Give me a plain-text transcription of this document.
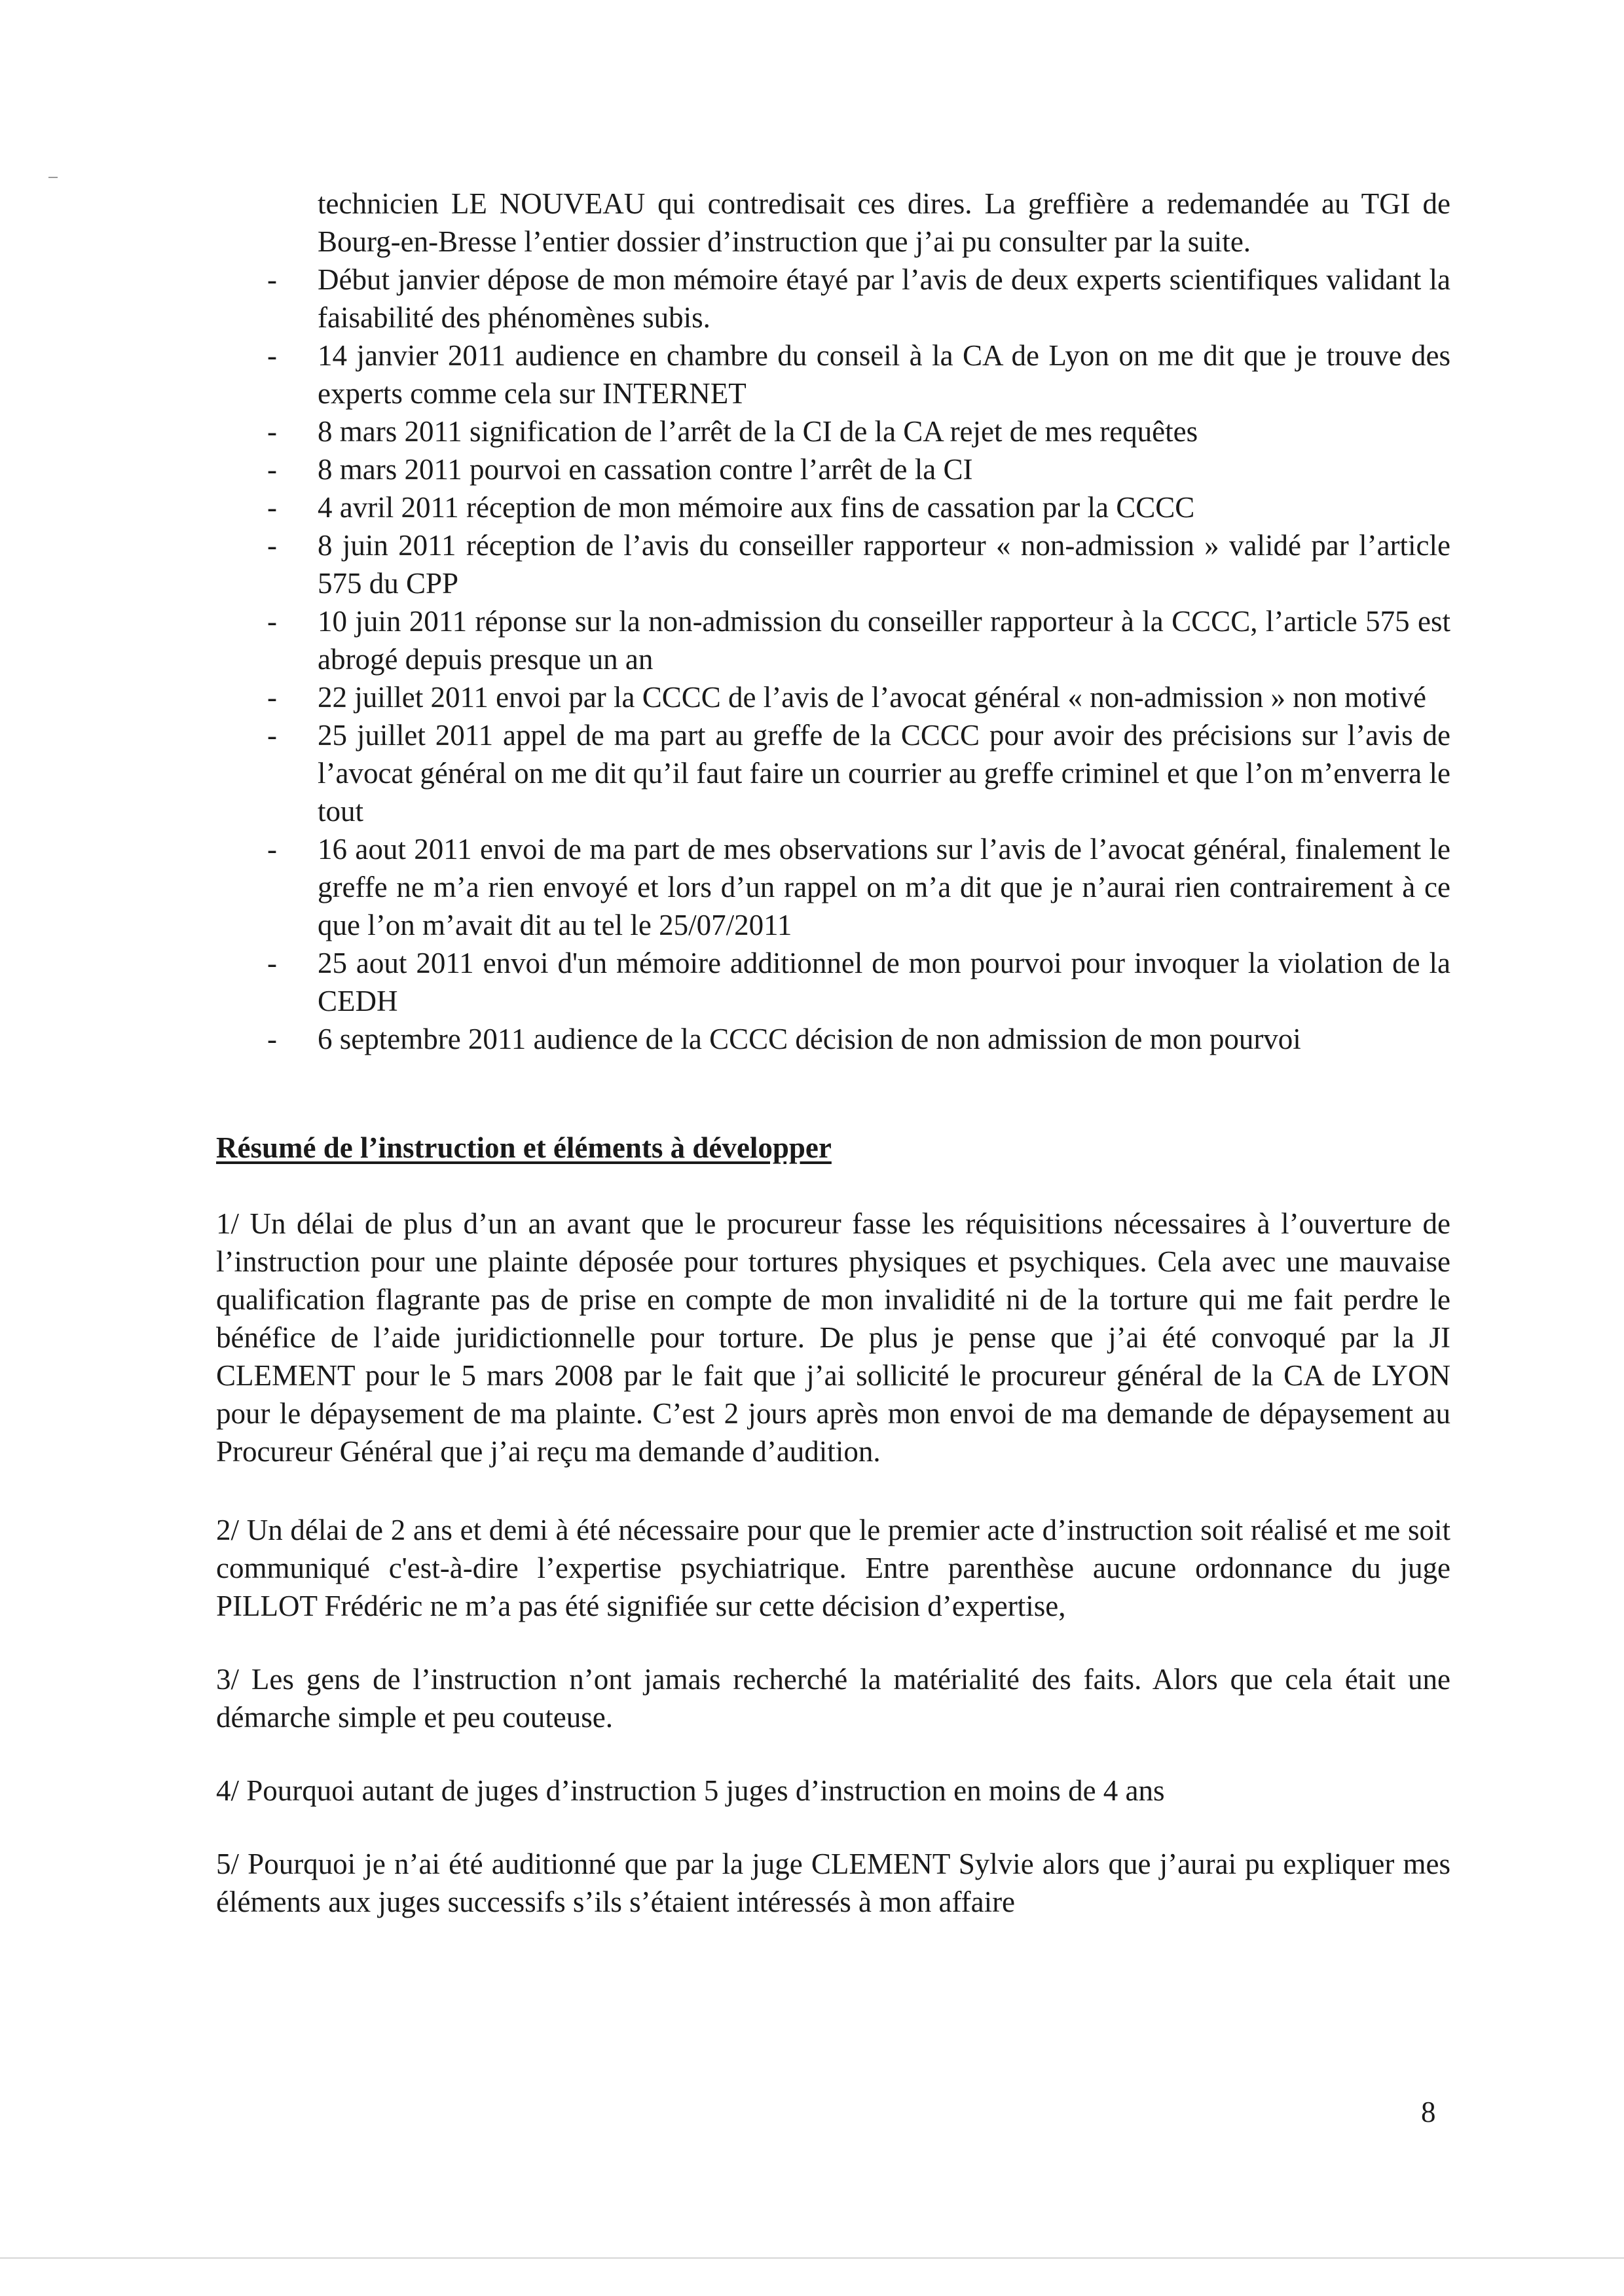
technicien LE NOUVEAU qui contredisait ces dires. La greffière a redemandée au TGI de Bourg-en-Bresse l’entier dossier d’instruction que j’ai pu consulter par la suite.

- Début janvier dépose de mon mémoire étayé par l’avis de deux experts scientifiques validant la faisabilité des phénomènes subis.
- 14 janvier 2011 audience en chambre du conseil à la CA de Lyon on me dit que je trouve des experts comme cela sur INTERNET
- 8 mars 2011 signification de l’arrêt de la CI de la CA rejet de mes requêtes
- 8 mars 2011 pourvoi en cassation contre l’arrêt de la CI
- 4 avril 2011 réception de mon mémoire aux fins de cassation par la CCCC
- 8 juin 2011 réception de l’avis du conseiller rapporteur « non-admission » validé par l’article 575 du CPP
- 10 juin 2011 réponse sur la non-admission du conseiller rapporteur à la CCCC, l’article 575 est abrogé depuis presque un an
- 22 juillet 2011 envoi par la CCCC de l’avis de l’avocat général « non-admission » non motivé
- 25 juillet 2011 appel de ma part au greffe de la CCCC pour avoir des précisions sur l’avis de l’avocat général on me dit qu’il faut faire un courrier au greffe criminel et que l’on m’enverra le tout
- 16 aout 2011 envoi de ma part de mes observations sur l’avis de l’avocat général, finalement le greffe ne m’a rien envoyé et lors d’un rappel on m’a dit que je n’aurai rien contrairement à ce que l’on m’avait dit au tel le 25/07/2011
- 25 aout 2011 envoi d'un mémoire additionnel de mon pourvoi pour invoquer la violation de la CEDH
- 6 septembre 2011 audience de la CCCC décision de non admission de mon pourvoi
Résumé de l’instruction et éléments à développer

1/ Un délai de plus d’un an avant que le procureur fasse les réquisitions nécessaires à l’ouverture de l’instruction pour une plainte déposée pour tortures physiques et psychiques. Cela avec une mauvaise qualification flagrante pas de prise en compte de mon invalidité ni de la torture qui me fait perdre le bénéfice de l’aide juridictionnelle pour torture. De plus je pense que j’ai été convoqué par la JI CLEMENT pour le 5 mars 2008 par le fait que j’ai sollicité le procureur général de la CA de LYON pour le dépaysement de ma plainte. C’est 2 jours après mon envoi de ma demande de dépaysement au Procureur Général que j’ai reçu ma demande d’audition.

2/ Un délai de 2 ans et demi à été nécessaire pour que le premier acte d’instruction soit réalisé et me soit communiqué c'est-à-dire l’expertise psychiatrique. Entre parenthèse aucune ordonnance du juge PILLOT Frédéric ne m’a pas été signifiée sur cette décision d’expertise,

3/ Les gens de l’instruction n’ont jamais recherché la matérialité des faits. Alors que cela était une démarche simple et peu couteuse.

4/ Pourquoi autant de juges d’instruction 5 juges d’instruction en moins de 4 ans

5/ Pourquoi je n’ai été auditionné que par la juge CLEMENT Sylvie alors que j’aurai pu expliquer mes éléments aux juges successifs s’ils s’étaient intéressés à mon affaire

8
